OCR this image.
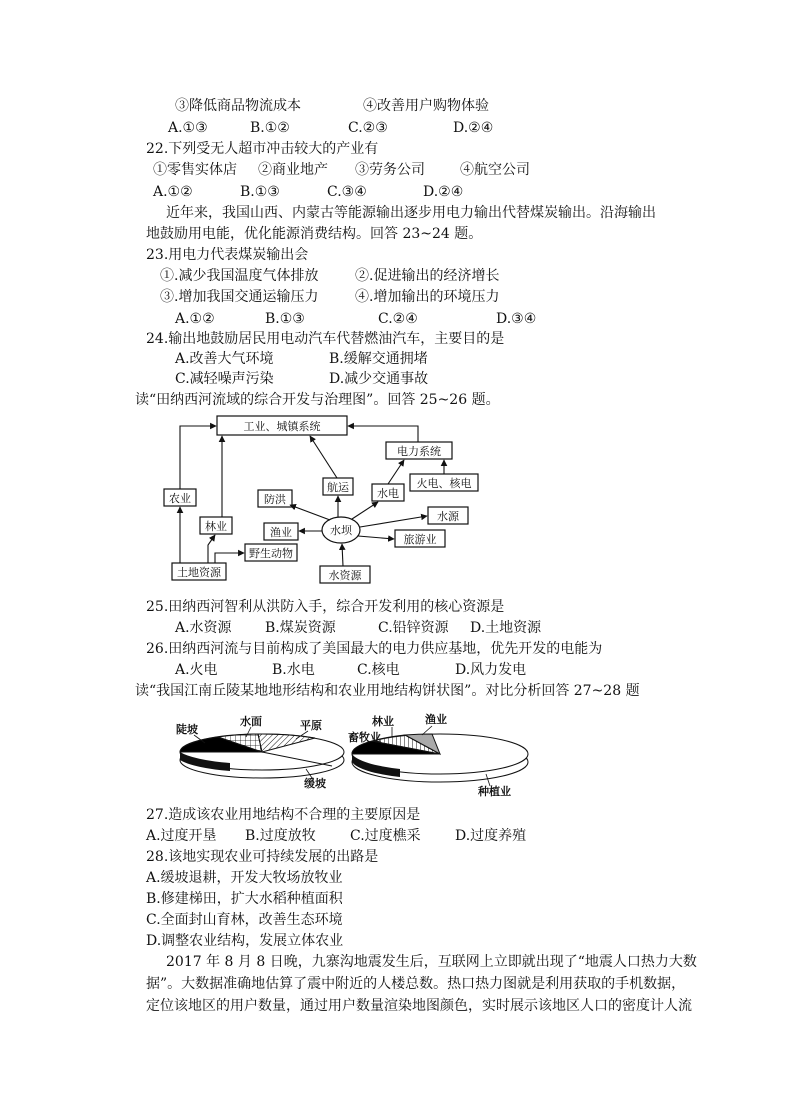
③降低商品物流成本	④改善用户购物体验
A.①③	B.①②	C.②③	D.②④
22.下列受无人超市冲击较大的产业有
①零售实体店 ②商业地产 ③劳务公司	④航空公司
A.①②	B.①③	C.③④	D.②④
近年来，我国山西、内蒙古等能源输出逐步用电力输出代替煤炭输出。沿海输出
地鼓励用电能，优化能源消费结构。回答 23~24 题。
23.用电力代表煤炭输出会
①.减少我国温度气体排放	②.促进输出的经济增长
③.增加我国交通运输压力	④.增加输出的环境压力
A.①②	B.①③	C.②④	D.③④
24.输出地鼓励居民用电动汽车代替燃油汽车，主要目的是
A.改善大气环境	B.缓解交通拥堵
C.减轻噪声污染	D.减少交通事故
读“田纳西河流域的综合开发与治理图”。回答 25~26 题。
工业、城镇系统
电力系统
火电、核电
农业	防洪
航运	水电
林业	渔业	水坝
水源
野生动物
旅游业
土地资源	水资源
25.田纳西河智利从洪防入手，综合开发利用的核心资源是
A.水资源 B.煤炭资源	C.铅锌资源 D.土地资源
26.田纳西河流与目前构成了美国最大的电力供应基地，优先开发的电能为
A.火电	B.水电	C.核电	D.风力发电
读“我国江南丘陵某地地形结构和农业用地结构饼状图”。对比分析回答 27~28 题
陡坡
水面	平原
缓坡
林业	渔业
畜牧业
种植业
27.造成该农业用地结构不合理的主要原因是
A.过度开垦 B.过度放牧 C.过度樵采 D.过度养殖
28.该地实现农业可持续发展的出路是
A.缓坡退耕，开发大牧场放牧业
B.修建梯田，扩大水稻种植面积
C.全面封山育林，改善生态环境
D.调整农业结构，发展立体农业
2017 年 8 月 8 日晚，九寨沟地震发生后，互联网上立即就出现了“地震人口热力大数
据”。大数据准确地估算了震中附近的人楼总数。热口热力图就是利用获取的手机数据，
定位该地区的用户数量，通过用户数量渲染地图颜色，实时展示该地区人口的密度计人流
